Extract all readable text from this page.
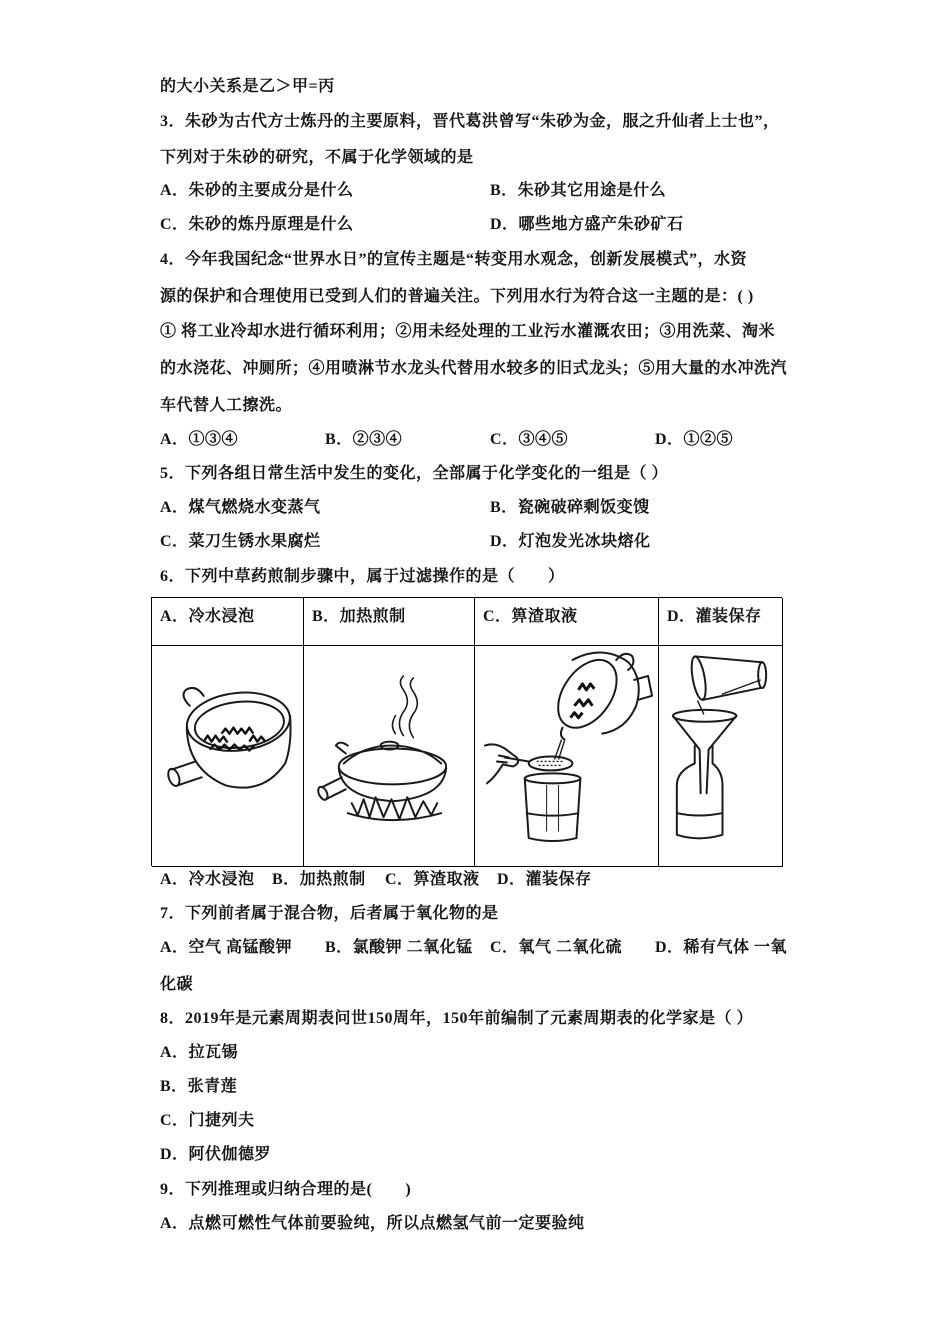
的大小关系是乙＞甲=丙
3．朱砂为古代方士炼丹的主要原料，晋代葛洪曾写“朱砂为金，服之升仙者上士也”，
下列对于朱砂的研究，不属于化学领域的是
A．朱砂的主要成分是什么	B．朱砂其它用途是什么
C．朱砂的炼丹原理是什么	D．哪些地方盛产朱砂矿石
4．今年我国纪念“世界水日”的宣传主题是“转变用水观念，创新发展模式”，水资
源的保护和合理使用已受到人们的普遍关注。下列用水行为符合这一主题的是：( )
① 将工业冷却水进行循环利用；②用未经处理的工业污水灌溉农田；③用洗菜、淘米
的水浇花、冲厕所；④用喷淋节水龙头代替用水较多的旧式龙头；⑤用大量的水冲洗汽
车代替人工擦洗。
A．①③④	B．②③④	C．③④⑤	D．①②⑤
5．下列各组日常生活中发生的变化，全部属于化学变化的一组是（ ）
A．煤气燃烧水变蒸气	B．瓷碗破碎剩饭变馊
C．菜刀生锈水果腐烂	D．灯泡发光冰块熔化
6．下列中草药煎制步骤中，属于过滤操作的是（　　）
A．冷水浸泡	B．加热煎制	C．箅渣取液	D．灌装保存
A．冷水浸泡 B．加热煎制 C．箅渣取液 D．灌装保存
7．下列前者属于混合物，后者属于氧化物的是
A．空气 高锰酸钾 B．氯酸钾 二氧化锰 C．氧气 二氧化硫 D．稀有气体 一氧
化碳
8．2019年是元素周期表问世150周年，150年前编制了元素周期表的化学家是（ ）
A．拉瓦锡
B．张青莲
C．门捷列夫
D．阿伏伽德罗
9．下列推理或归纳合理的是(　　)
A．点燃可燃性气体前要验纯，所以点燃氢气前一定要验纯
